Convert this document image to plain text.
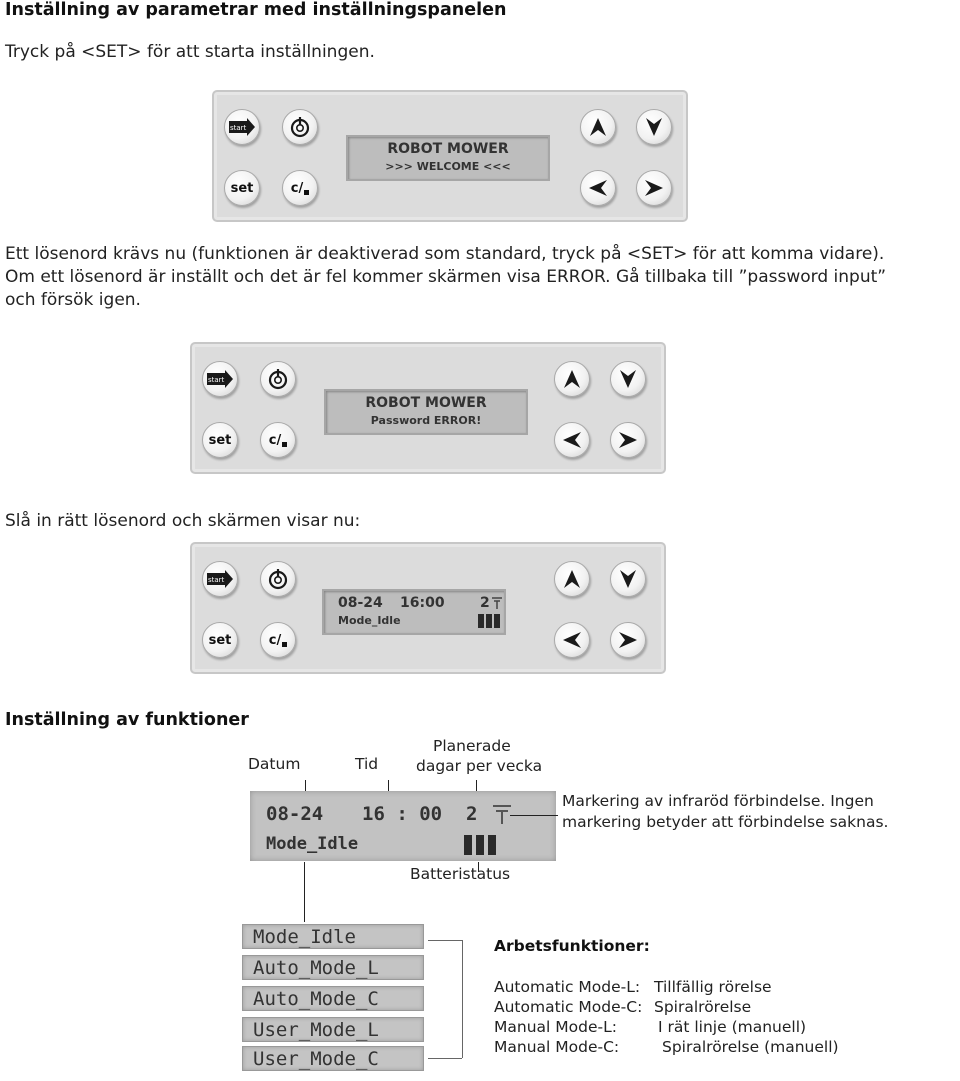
Inställning av parametrar med inställningspanelen
Tryck på <SET> för att starta inställningen.
start
set	c/
ROBOT MOWER
>>> WELCOME <<<
Ett lösenord krävs nu (funktionen är deaktiverad som standard, tryck på <SET> för att komma vidare).
Om ett lösenord är inställt och det är fel kommer skärmen visa ERROR. Gå tillbaka till ”password input”
och försök igen.
start
set	c/
ROBOT MOWER
Password ERROR!
Slå in rätt lösenord och skärmen visar nu:
start
set	c/
08-24 16:00	2
Mode_Idle
Inställning av funktioner
Datum	Tid
Planerade
dagar per vecka
08-24 16 : 00 2
Mode_Idle
Markering av infraröd förbindelse. Ingen
markering betyder att förbindelse saknas.
Batteristatus
Mode_Idle
Auto_Mode_L
Auto_Mode_C
User_Mode_L
User_Mode_C
Arbetsfunktioner:
Automatic Mode-L: Tillfällig rörelse
Automatic Mode-C: Spiralrörelse
Manual Mode-L:	I rät linje (manuell)
Manual Mode-C:	Spiralrörelse (manuell)
